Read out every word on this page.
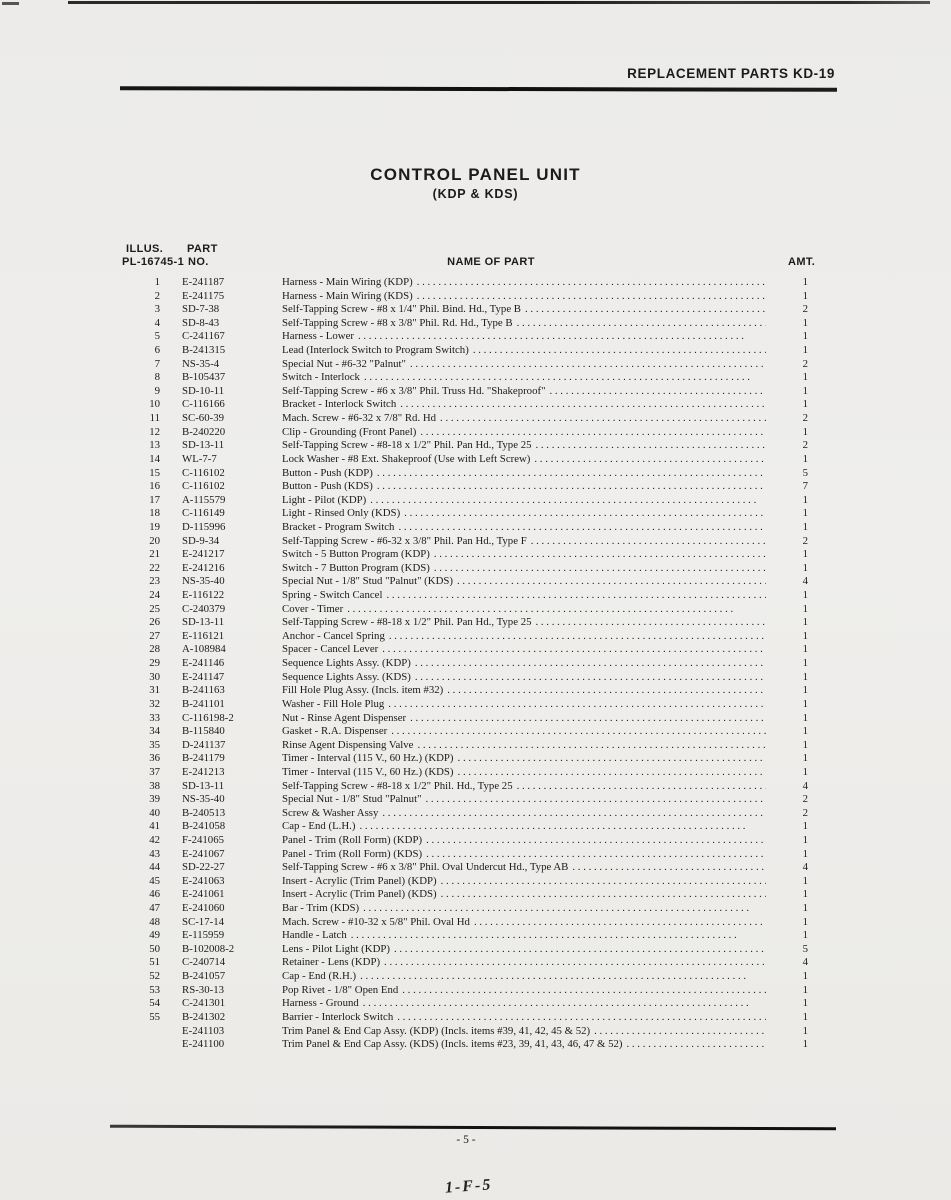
REPLACEMENT PARTS KD-19
CONTROL PANEL UNIT
(KDP & KDS)
ILLUS.
PL-16745-1
PART
NO.	NAME OF PART	AMT.
1 E-241187	Harness - Main Wiring (KDP) . .	1
2 E-241175	Harness - Main Wiring (KDS) . .	1
3 SD-7-38	Self-Tapping Screw - #8 x 1/4" Phil. Bind. Hd., Type B . .	2
4 SD-8-43	Self-Tapping Screw - #8 x 3/8" Phil. Rd. Hd., Type B . .	1
5 C-241167	Harness - Lower . .	1
6 B-241315	Lead (Interlock Switch to Program Switch) . .	1
7 NS-35-4	Special Nut - #6-32 "Palnut" . .	2
8 B-105437	Switch - Interlock . .	1
9 SD-10-11	Self-Tapping Screw - #6 x 3/8" Phil. Truss Hd. "Shakeproof" . .	1
10 C-116166	Bracket - Interlock Switch . .	1
11 SC-60-39	Mach. Screw - #6-32 x 7/8" Rd. Hd . .	2
12 B-240220	Clip - Grounding (Front Panel) . .	1
13 SD-13-11	Self-Tapping Screw - #8-18 x 1/2" Phil. Pan Hd., Type 25 . .	2
14 WL-7-7	Lock Washer - #8 Ext. Shakeproof (Use with Left Screw) . .	1
15 C-116102	Button - Push (KDP) . .	5
16 C-116102	Button - Push (KDS) . .	7
17 A-115579	Light - Pilot (KDP) . .	1
18 C-116149	Light - Rinsed Only (KDS) . .	1
19 D-115996	Bracket - Program Switch . .	1
20 SD-9-34	Self-Tapping Screw - #6-32 x 3/8" Phil. Pan Hd., Type F . .	2
21 E-241217	Switch - 5 Button Program (KDP) . .	1
22 E-241216	Switch - 7 Button Program (KDS) . .	1
23 NS-35-40	Special Nut - 1/8" Stud "Palnut" (KDS) . .	4
24 E-116122	Spring - Switch Cancel . .	1
25 C-240379	Cover - Timer . .	1
26 SD-13-11	Self-Tapping Screw - #8-18 x 1/2" Phil. Pan Hd., Type 25 . .	1
27 E-116121	Anchor - Cancel Spring . .	1
28 A-108984	Spacer - Cancel Lever . .	1
29 E-241146	Sequence Lights Assy. (KDP) . .	1
30 E-241147	Sequence Lights Assy. (KDS) . .	1
31 B-241163	Fill Hole Plug Assy. (Incls. item #32) . .	1
32 B-241101	Washer - Fill Hole Plug . .	1
33 C-116198-2	Nut - Rinse Agent Dispenser . .	1
34 B-115840	Gasket - R.A. Dispenser . .	1
35 D-241137	Rinse Agent Dispensing Valve . .	1
36 B-241179	Timer - Interval (115 V., 60 Hz.) (KDP) . .	1
37 E-241213	Timer - Interval (115 V., 60 Hz.) (KDS) . .	1
38 SD-13-11	Self-Tapping Screw - #8-18 x 1/2" Phil. Hd., Type 25 . .	4
39 NS-35-40	Special Nut - 1/8" Stud "Palnut" . .	2
40 B-240513	Screw & Washer Assy . .	2
41 B-241058	Cap - End (L.H.) . .	1
42 F-241065	Panel - Trim (Roll Form) (KDP) . .	1
43 E-241067	Panel - Trim (Roll Form) (KDS) . .	1
44 SD-22-27	Self-Tapping Screw - #6 x 3/8" Phil. Oval Undercut Hd., Type AB . .	4
45 E-241063	Insert - Acrylic (Trim Panel) (KDP) . .	1
46 E-241061	Insert - Acrylic (Trim Panel) (KDS) . .	1
47 E-241060	Bar - Trim (KDS) . .	1
48 SC-17-14	Mach. Screw - #10-32 x 5/8" Phil. Oval Hd . .	1
49 E-115959	Handle - Latch . .	1
50 B-102008-2	Lens - Pilot Light (KDP) . .	5
51 C-240714	Retainer - Lens (KDP) . .	4
52 B-241057	Cap - End (R.H.) . .	1
53 RS-30-13	Pop Rivet - 1/8" Open End . .	1
54 C-241301	Harness - Ground . .	1
55 B-241302	Barrier - Interlock Switch . .	1
E-241103	Trim Panel & End Cap Assy. (KDP) (Incls. items #39, 41, 42, 45 & 52) . .	1
E-241100	Trim Panel & End Cap Assy. (KDS) (Incls. items #23, 39, 41, 43, 46, 47 & 52) . .	1
- 5 -
1-F-5
